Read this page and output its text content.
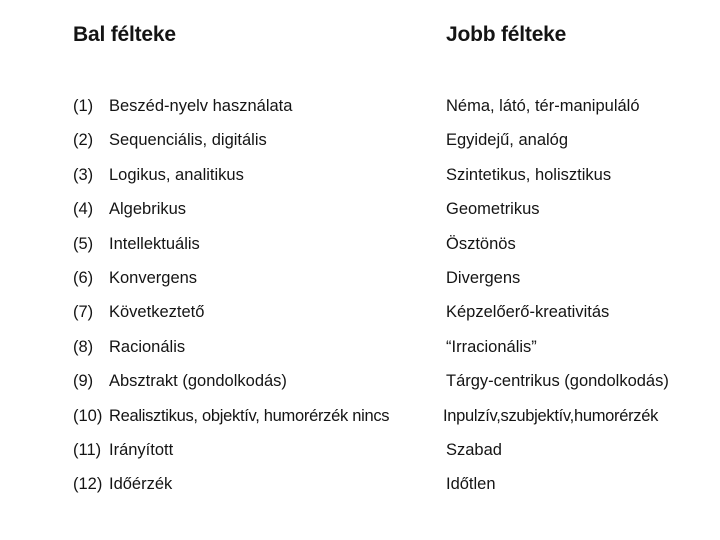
Bal félteke	Jobb félteke
(1) Beszéd-nyelv használata	Néma, látó, tér-manipuláló
(2) Sequenciális, digitális	Egyidejű, analóg
(3) Logikus, analitikus	Szintetikus, holisztikus
(4) Algebrikus	Geometrikus
(5) Intellektuális	Ösztönös
(6) Konvergens	Divergens
(7) Következtető	Képzelőerő-kreativitás
(8) Racionális	“Irracionális”
(9) Absztrakt (gondolkodás)	Tárgy-centrikus (gondolkodás)
(10) Realisztikus, objektív, humorérzék nincs	Inpulzív,szubjektív,humorérzék
(11) Irányított	Szabad
(12) Időérzék	Időtlen
